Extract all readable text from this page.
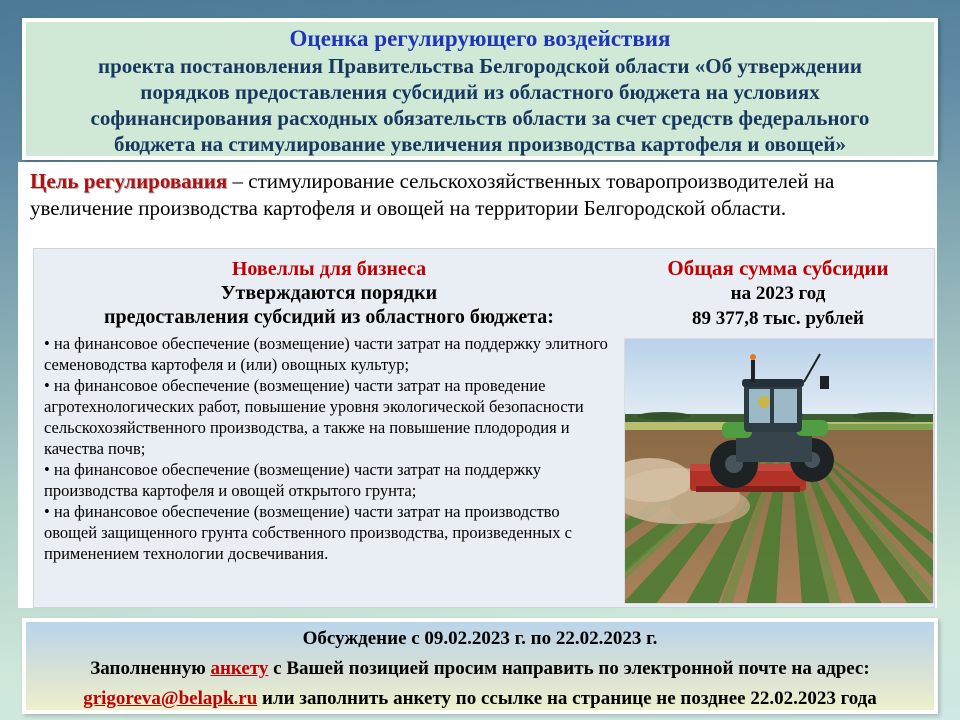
Оценка регулирующего воздействия
проекта постановления Правительства Белгородской области «Об утверждении
порядков предоставления субсидий из областного бюджета на условиях
софинансирования расходных обязательств области за счет средств федерального
бюджета на стимулирование увеличения производства картофеля и овощей»
Цель регулирования – стимулирование сельскохозяйственных товаропроизводителей на увеличение производства картофеля и овощей на территории Белгородской области.
Новеллы для бизнеса
Утверждаются порядки
предоставления субсидий из областного бюджета:
• на финансовое обеспечение (возмещение) части затрат на поддержку элитного семеноводства картофеля и (или) овощных культур;
• на финансовое обеспечение (возмещение) части затрат на проведение агротехнологических работ, повышение уровня экологической безопасности сельскохозяйственного производства, а также на повышение плодородия и качества почв;
• на финансовое обеспечение (возмещение) части затрат на поддержку производства картофеля и овощей открытого грунта;
• на финансовое обеспечение (возмещение) части затрат на производство овощей защищенного грунта собственного производства, произведенных с применением технологии досвечивания.
Общая сумма субсидии
на 2023 год
89 377,8 тыс. рублей
Обсуждение с 09.02.2023 г. по 22.02.2023 г.
Заполненную анкету с Вашей позицией просим направить по электронной почте на адрес:
grigoreva@belapk.ru или заполнить анкету по ссылке на странице не позднее 22.02.2023 года
